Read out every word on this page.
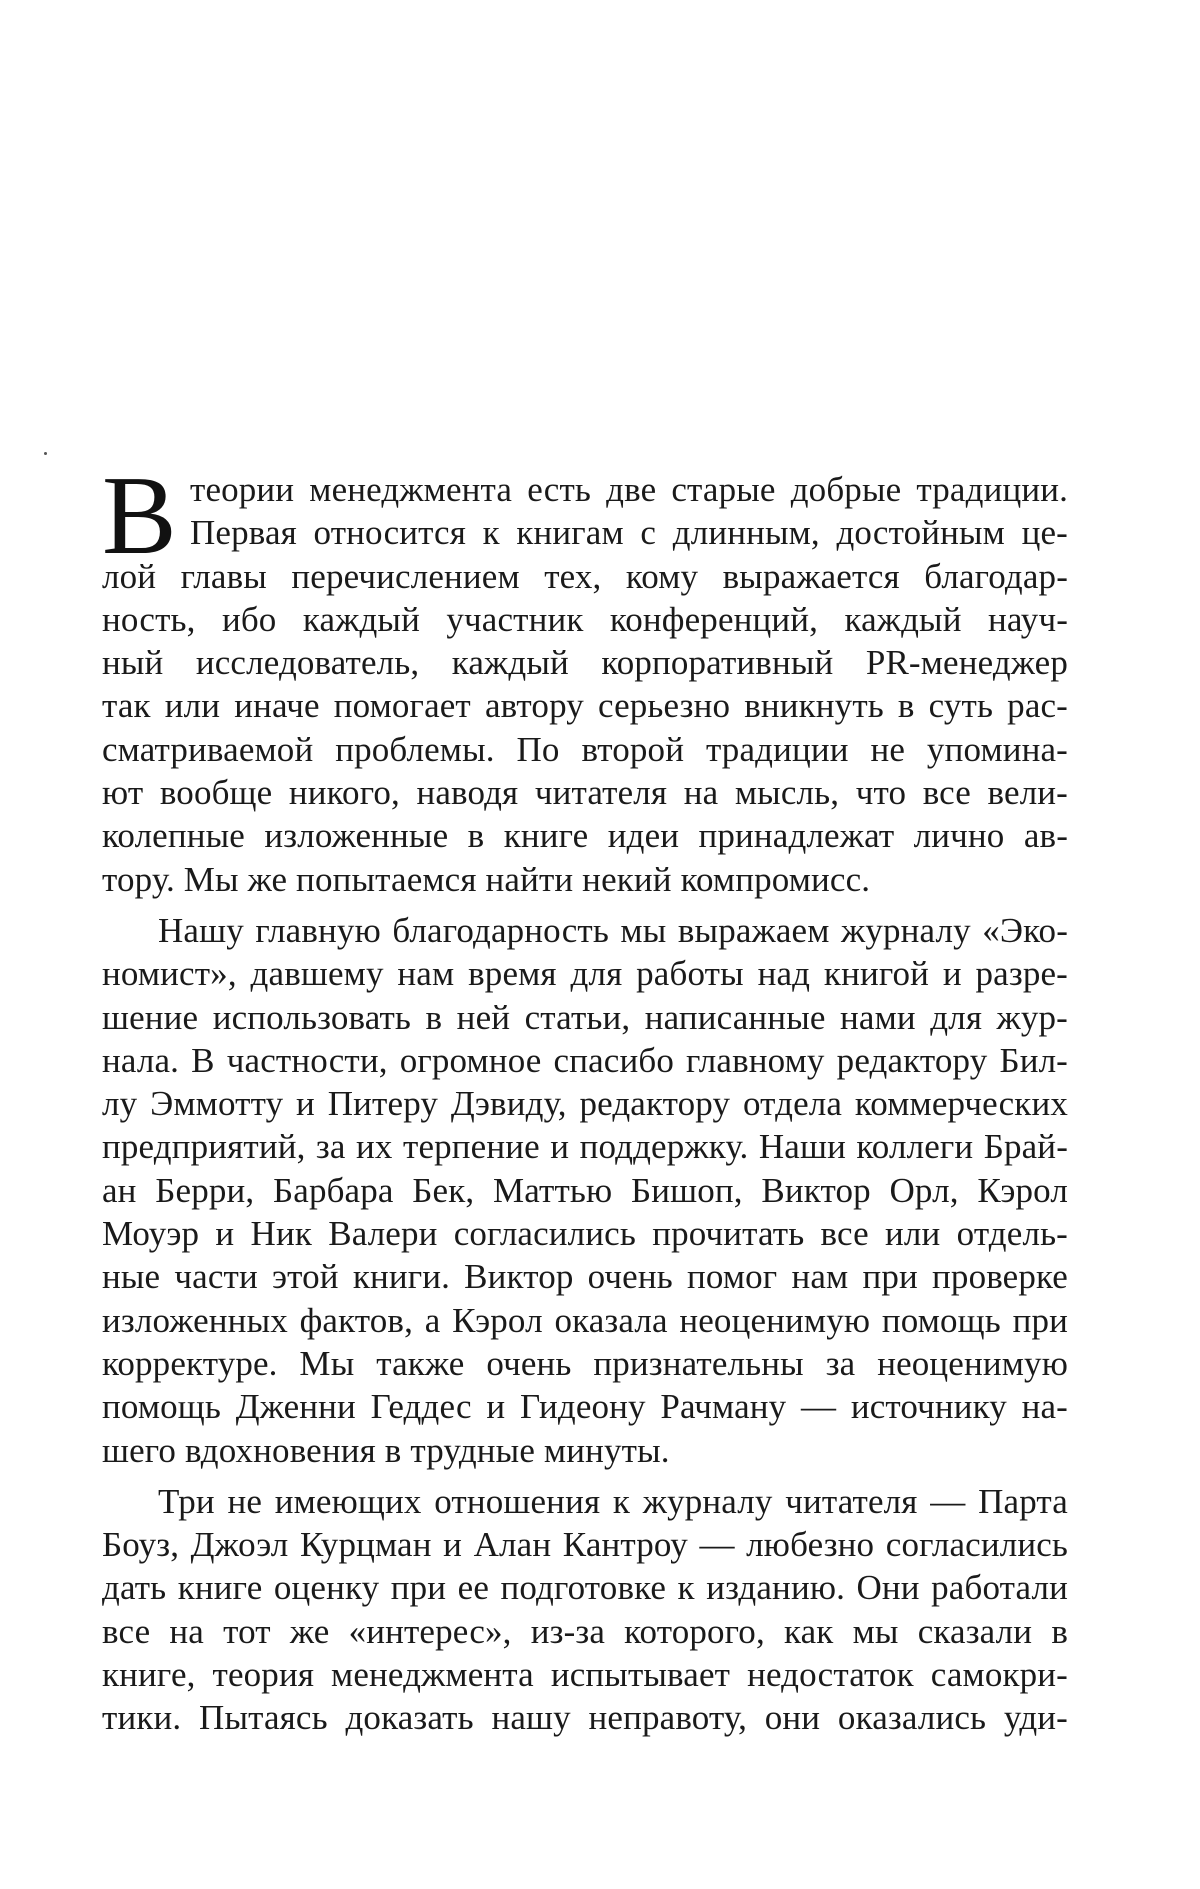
В теории менеджмента есть две старые добрые традиции.
Первая относится к книгам с длинным, достойным це-
лой главы перечислением тех, кому выражается благодар-
ность, ибо каждый участник конференций, каждый науч-
ный исследователь, каждый корпоративный PR-менеджер
так или иначе помогает автору серьезно вникнуть в суть рас-
сматриваемой проблемы. По второй традиции не упомина-
ют вообще никого, наводя читателя на мысль, что все вели-
колепные изложенные в книге идеи принадлежат лично ав-
тору. Мы же попытаемся найти некий компромисс.
Нашу главную благодарность мы выражаем журналу «Эко-
номист», давшему нам время для работы над книгой и разре-
шение использовать в ней статьи, написанные нами для жур-
нала. В частности, огромное спасибо главному редактору Бил-
лу Эммотту и Питеру Дэвиду, редактору отдела коммерческих
предприятий, за их терпение и поддержку. Наши коллеги Брай-
ан Берри, Барбара Бек, Маттью Бишоп, Виктор Орл, Кэрол
Моуэр и Ник Валери согласились прочитать все или отдель-
ные части этой книги. Виктор очень помог нам при проверке
изложенных фактов, а Кэрол оказала неоценимую помощь при
корректуре. Мы также очень признательны за неоценимую
помощь Дженни Геддес и Гидеону Рачману — источнику на-
шего вдохновения в трудные минуты.
Три не имеющих отношения к журналу читателя — Парта
Боуз, Джоэл Курцман и Алан Кантроу — любезно согласились
дать книге оценку при ее подготовке к изданию. Они работали
все на тот же «интерес», из-за которого, как мы сказали в
книге, теория менеджмента испытывает недостаток самокри-
тики. Пытаясь доказать нашу неправоту, они оказались уди-
